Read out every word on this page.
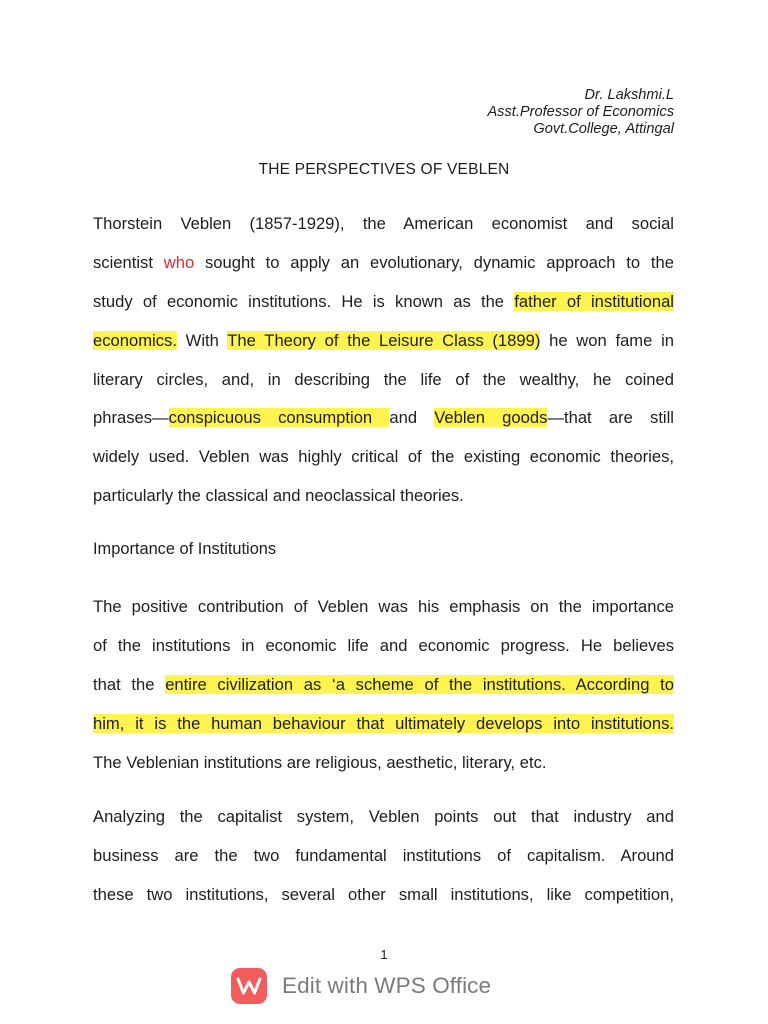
Dr. Lakshmi.L
Asst.Professor of Economics
Govt.College, Attingal
THE PERSPECTIVES OF VEBLEN
Thorstein Veblen (1857-1929), the American economist and social
scientist who sought to apply an evolutionary, dynamic approach to the
study of economic institutions. He is known as the father of institutional
economics. With The Theory of the Leisure Class (1899) he won fame in
literary circles, and, in describing the life of the wealthy, he coined
phrases—conspicuous consumption and Veblen goods—that are still
widely used. Veblen was highly critical of the existing economic theories,
particularly the classical and neoclassical theories.
Importance of Institutions
The positive contribution of Veblen was his emphasis on the importance
of the institutions in economic life and economic progress. He believes
that the entire civilization as ‘a scheme of the institutions. According to
him, it is the human behaviour that ultimately develops into institutions.
The Veblenian institutions are religious, aesthetic, literary, etc.
Analyzing the capitalist system, Veblen points out that industry and
business are the two fundamental institutions of capitalism. Around
these two institutions, several other small institutions, like competition,
1
Edit with WPS Office
